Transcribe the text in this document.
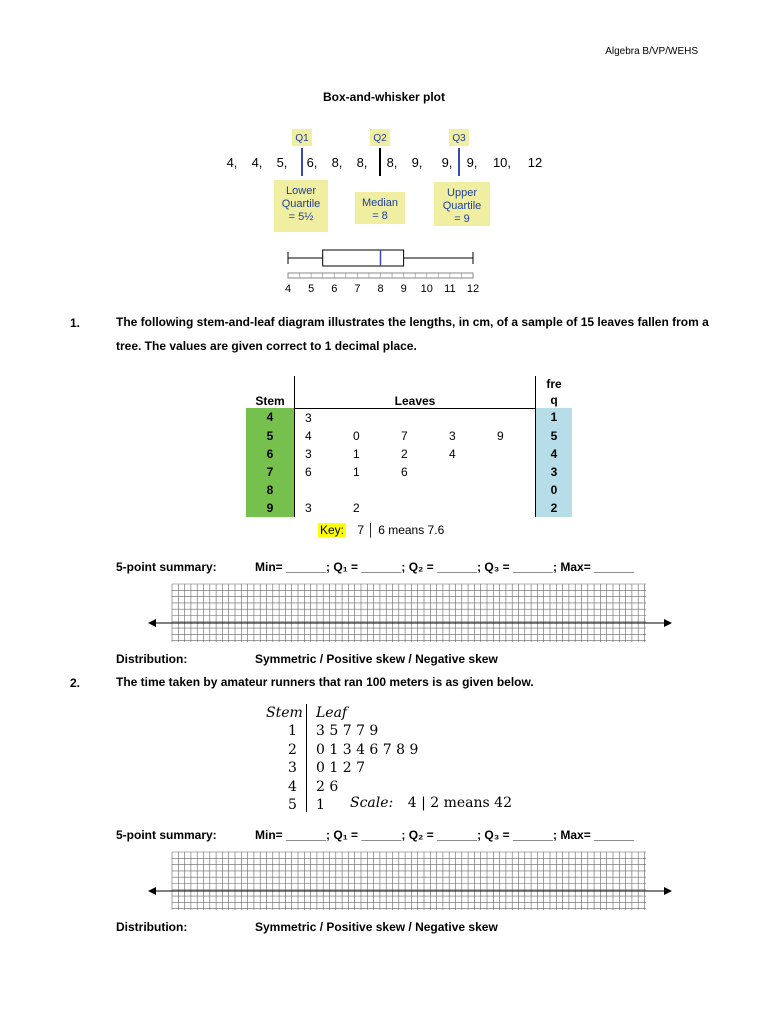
Algebra B/VP/WEHS
Box-and-whisker plot
4, 4, 5, 6, 8, 8, 8, 9, 9, 9, 10, 12
Q1	Q2	Q3
Lower
Quartile
= 5½
Median
= 8
Upper
Quartile
= 9
4 5 6 7 8 9 10 11 12
1.	The following stem-and-leaf diagram illustrates the lengths, in cm, of a sample of 15 leaves fallen from a tree. The values are given correct to 1 decimal place.
Stem	Leaves					fre
q

4	3					1
5	4	0	7	3	9	5
6	3	1	2	4		4
7	6	1	6			3
8						0
9	3	2				2
Key: 7 │ 6 means 7.6
5-point summary:	Min= ______; Q₁ = ______; Q₂ = ______; Q₃ = ______; Max= ______
Distribution:	Symmetric / Positive skew / Negative skew
2.	The time taken by amateur runners that ran 100 meters is as given below.
Stem Leaf
1 3 5 7 7 9
2 0 1 3 4 6 7 8 9
3 0 1 2 7
4 2 6
5 1 Scale: 4 | 2 means 42
5-point summary:	Min= ______; Q₁ = ______; Q₂ = ______; Q₃ = ______; Max= ______
Distribution:	Symmetric / Positive skew / Negative skew
